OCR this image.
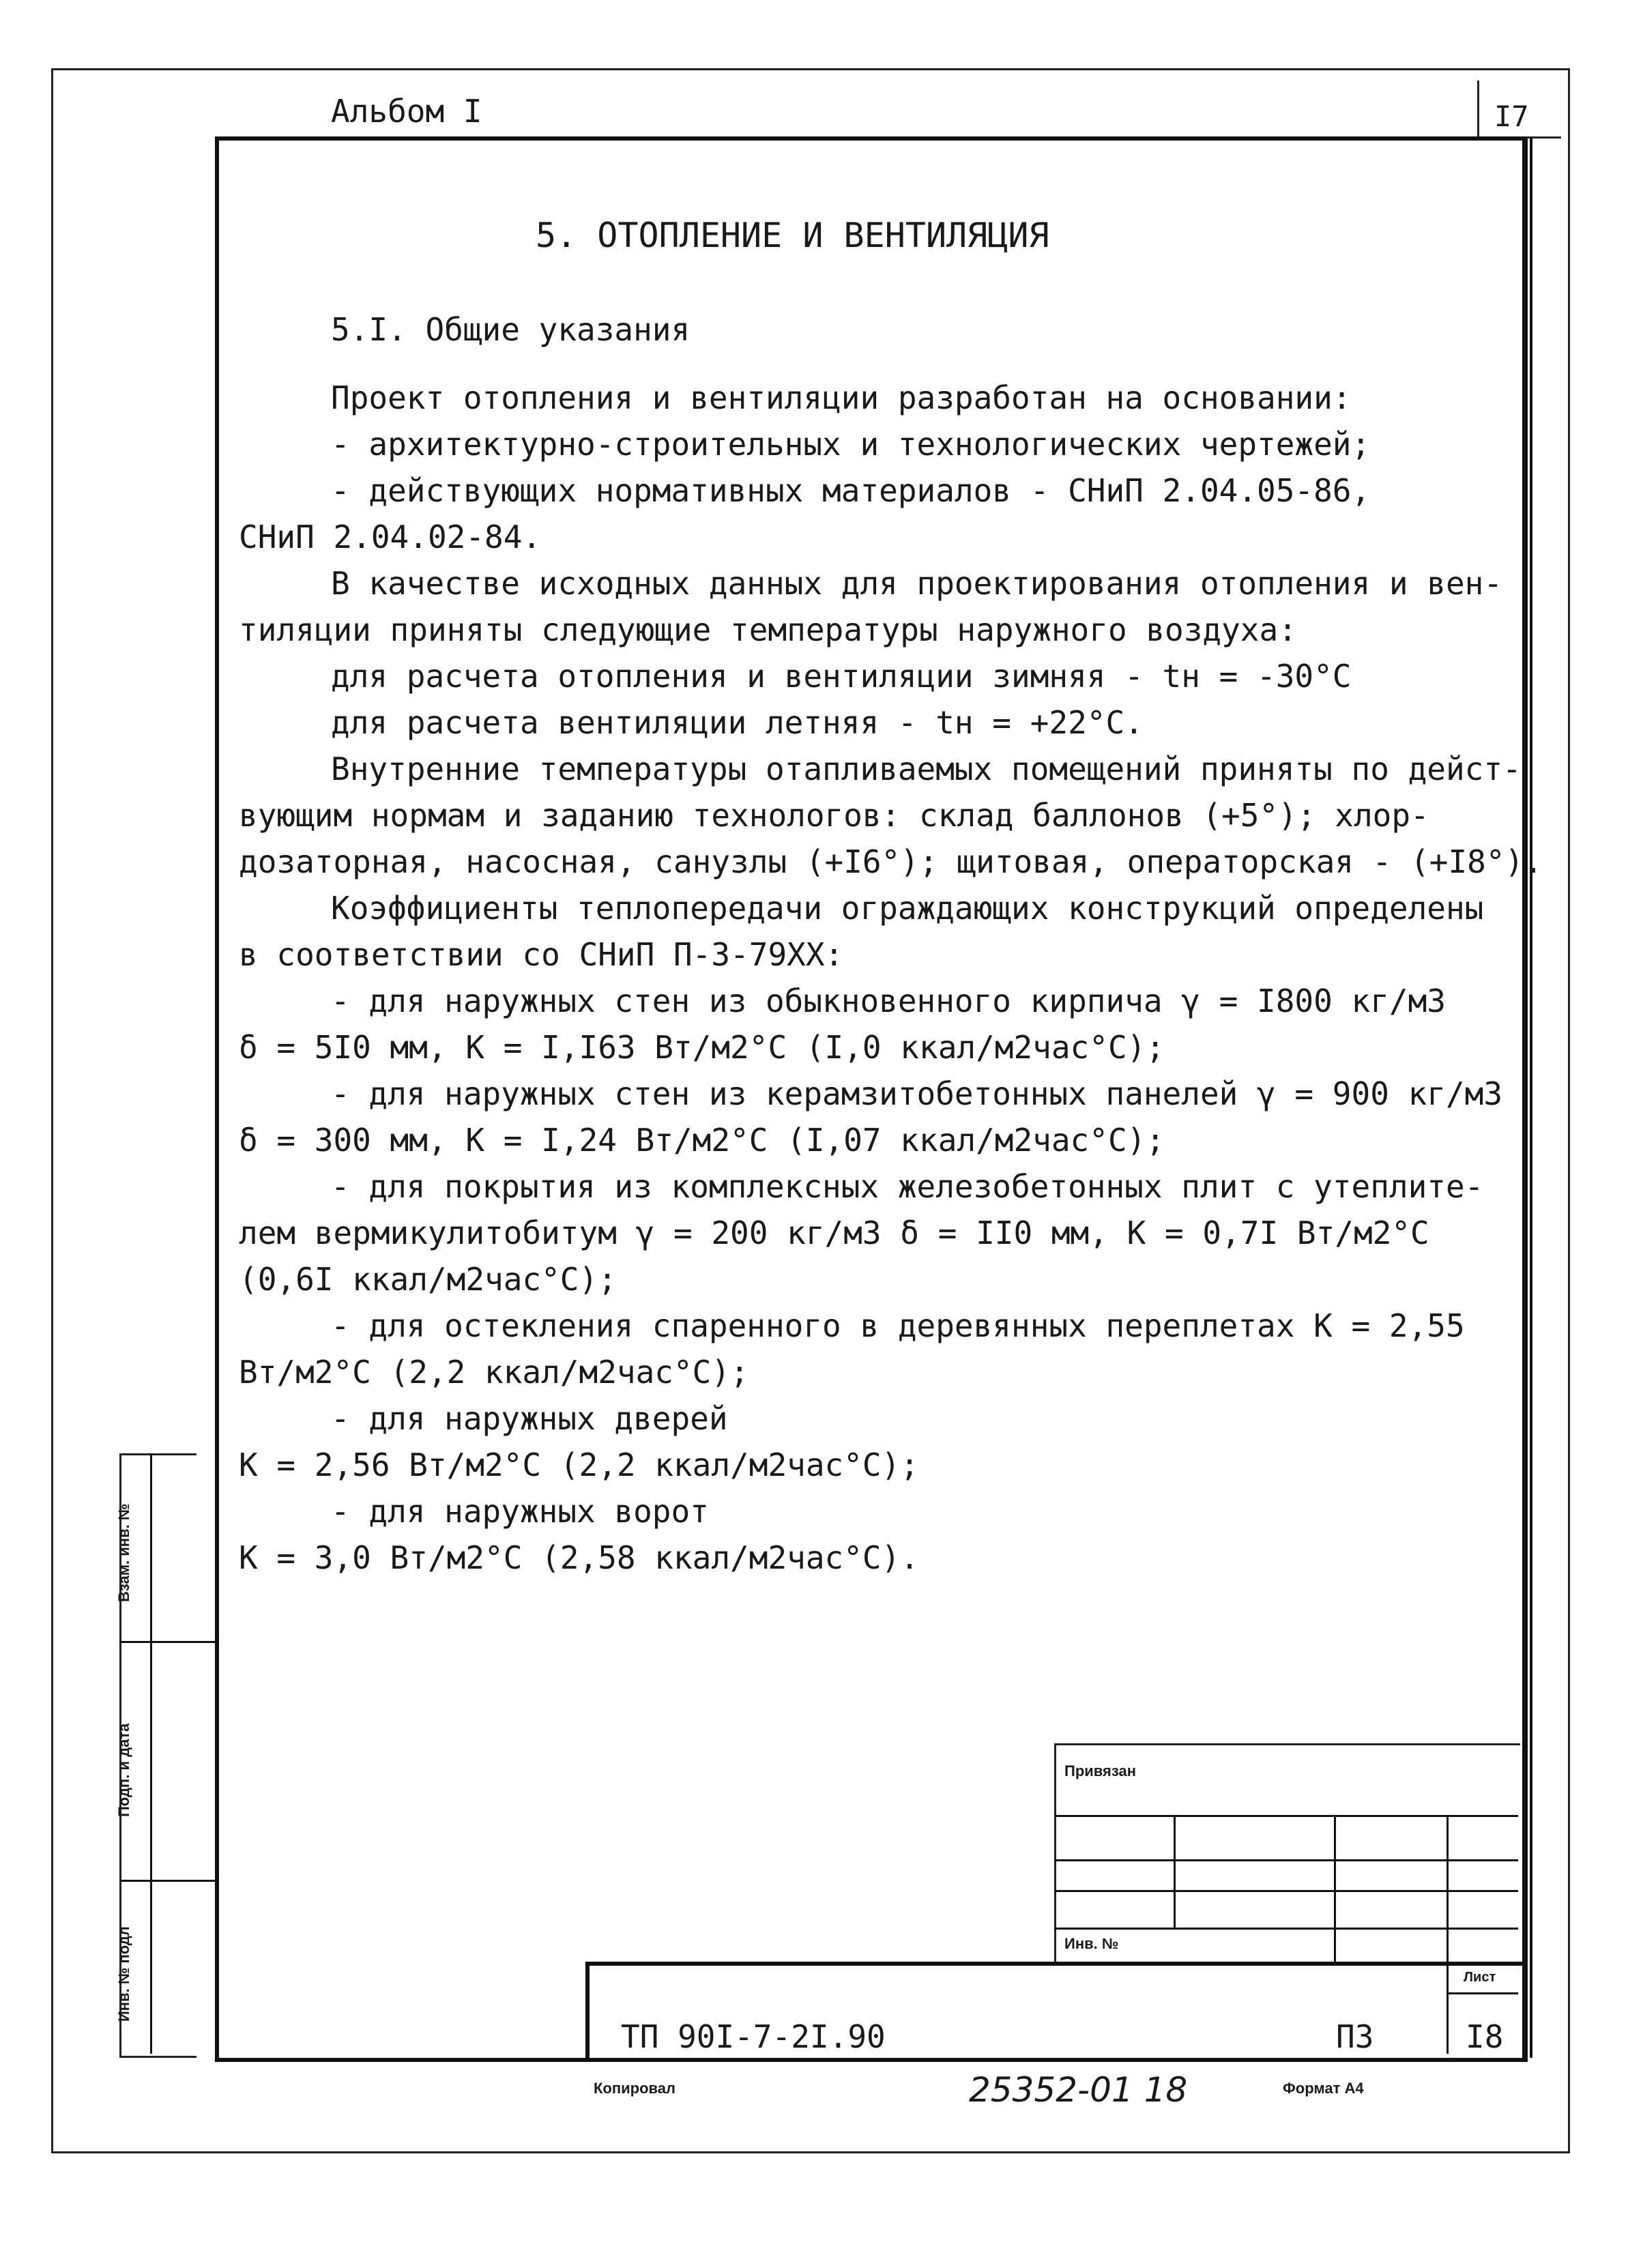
Альбом I	I7
Взам. инв. №
Подп. и дата
Инв. № подл
5. ОТОПЛЕНИЕ И ВЕНТИЛЯЦИЯ
5.I. Общие указания
Проект отопления и вентиляции разработан на основании:
- архитектурно-строительных и технологических чертежей;
- действующих нормативных материалов - СНиП 2.04.05-86,
СНиП 2.04.02-84.
В качестве исходных данных для проектирования отопления и вен-
тиляции приняты следующие температуры наружного воздуха:
для расчета отопления и вентиляции зимняя - tн = -30°С
для расчета вентиляции летняя - tн = +22°С.
Внутренние температуры отапливаемых помещений приняты по дейст-
вующим нормам и заданию технологов: склад баллонов (+5°); хлор-
дозаторная, насосная, санузлы (+I6°); щитовая, операторская - (+I8°).
Коэффициенты теплопередачи ограждающих конструкций определены
в соответствии со СНиП П-3-79ХХ:
- для наружных стен из обыкновенного кирпича γ = I800 кг/м3
δ = 5I0 мм, К = I,I63 Вт/м2°С (I,0 ккал/м2час°С);
- для наружных стен из керамзитобетонных панелей γ = 900 кг/м3
δ = 300 мм, К = I,24 Вт/м2°С (I,07 ккал/м2час°С);
- для покрытия из комплексных железобетонных плит с утеплите-
лем вермикулитобитум γ = 200 кг/м3 δ = II0 мм, К = 0,7I Вт/м2°С
(0,6I ккал/м2час°С);
- для остекления спаренного в деревянных переплетах К = 2,55
Вт/м2°С (2,2 ккал/м2час°С);
- для наружных дверей
К = 2,56 Вт/м2°С (2,2 ккал/м2час°С);
- для наружных ворот
К = 3,0 Вт/м2°С (2,58 ккал/м2час°С).
Привязан
Инв. №
Лист
ТП 90I-7-2I.90	ПЗ	I8
Копировал	25352-01 18	Формат А4
